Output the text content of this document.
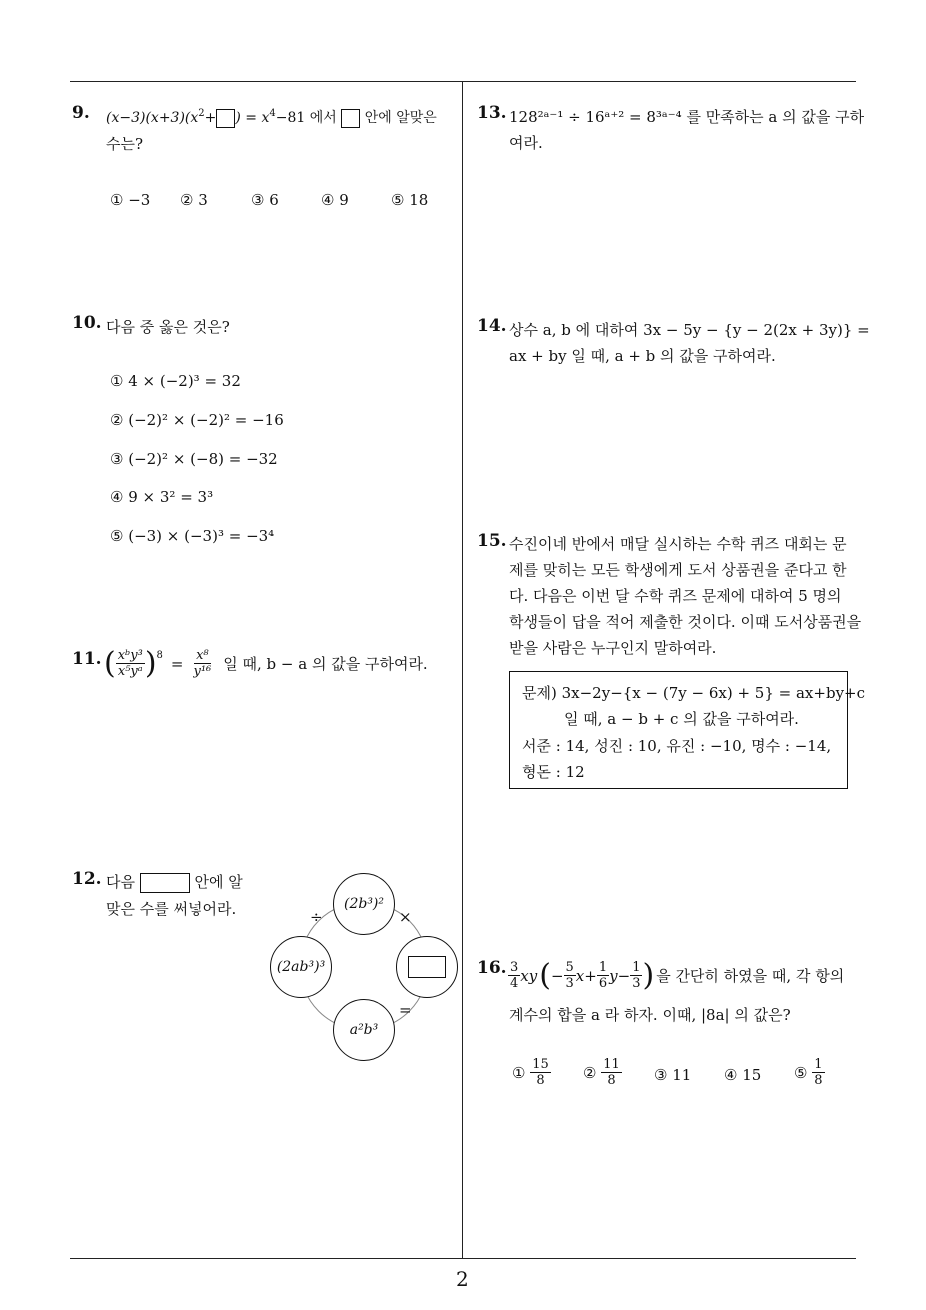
2
9. $(x-3)(x+3)(x^2+$ ) = $x^4-81$ 에서 안에 알맞은
수는?
① −3 ② 3	③ 6	④ 9	⑤ 18
10. 다음 중 옳은 것은?
① 4 × (−2)³ = 32
② (−2)² × (−2)² = −16
③ (−2)² × (−8) = −32
④ 9 × 3² = 3³
⑤ (−3) × (−3)³ = −3⁴
11. ( $\frac{\text{xᵇy³}}{\text{x⁵yᵃ}}$ ) $8 = \frac{\text{x⁸}}{\text{y¹⁶}}$ 일 때, b − a 의 값을 구하여라.
12. 다음	안에 알
맞은 수를 써넣어라.	(2b³)²
(2ab³)³
a²b³
÷	×
=
13. 128²ᵃ⁻¹ ÷ 16ᵃ⁺² = 8³ᵃ⁻⁴ 를 만족하는 a 의 값을 구하
여라.
14. 상수 a, b 에 대하여 3x − 5y − {y − 2(2x + 3y)} =
ax + by 일 때, a + b 의 값을 구하여라.
15. 수진이네 반에서 매달 실시하는 수학 퀴즈 대회는 문
제를 맞히는 모든 학생에게 도서 상품권을 준다고 한
다. 다음은 이번 달 수학 퀴즈 문제에 대하여 5 명의
학생들이 답을 적어 제출한 것이다. 이때 도서상품권을
받을 사람은 누구인지 말하여라.
문제) 3x−2y−{x − (7y − 6x) + 5} = ax+by+c
일 때, a − b + c 의 값을 구하여라.
서준 : 14, 성진 : 10, 유진 : −10, 명수 : −14,
형돈 : 12
16. $\frac{3}{4}$ xy ( − $\frac{5}{3}$ $x + \frac{1}{6}$ $y - \frac{1}{3}$ ) 을 간단히 하였을 때, 각 항의
계수의 합을 a 라 하자. 이때, |8a| 의 값은?
①
$\frac{15}{8}$ ②
$\frac{11}{8}$ ③ 11 ④ 15 ⑤
$\frac{1}{8}$
